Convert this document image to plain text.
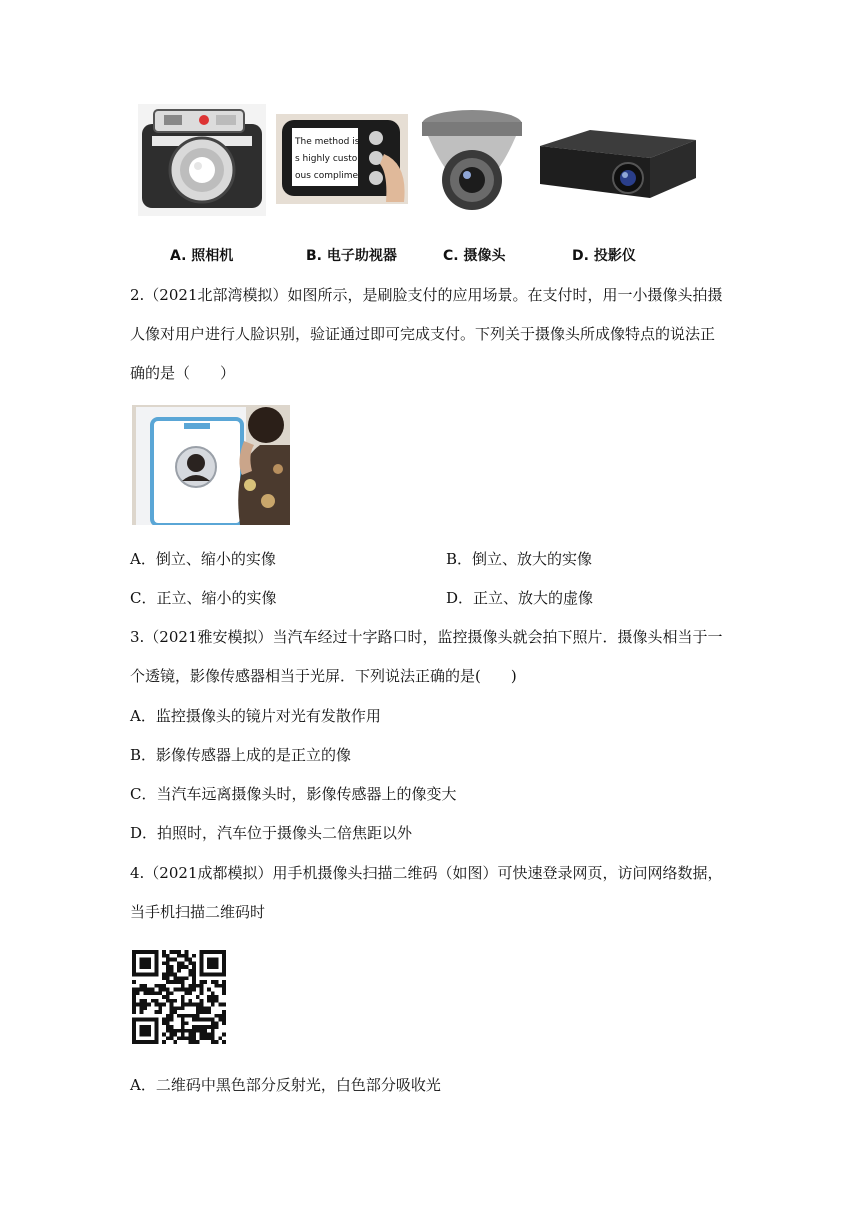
The method is
s highly custo
ous complime
A. 照相机	B. 电子助视器	C. 摄像头	D. 投影仪
2.（2021北部湾模拟）如图所示，是刷脸支付的应用场景。在支付时，用一小摄像头拍摄
人像对用户进行人脸识别，验证通过即可完成支付。下列关于摄像头所成像特点的说法正
确的是（　　）
A．倒立、缩小的实像	B．倒立、放大的实像
C．正立、缩小的实像	D．正立、放大的虚像
3.（2021雅安模拟）当汽车经过十字路口时，监控摄像头就会拍下照片．摄像头相当于一
个透镜，影像传感器相当于光屏．下列说法正确的是(　　)
A．监控摄像头的镜片对光有发散作用
B．影像传感器上成的是正立的像
C．当汽车远离摄像头时，影像传感器上的像变大
D．拍照时，汽车位于摄像头二倍焦距以外
4.（2021成都模拟）用手机摄像头扫描二维码（如图）可快速登录网页，访问网络数据，
当手机扫描二维码时
A．二维码中黑色部分反射光，白色部分吸收光
